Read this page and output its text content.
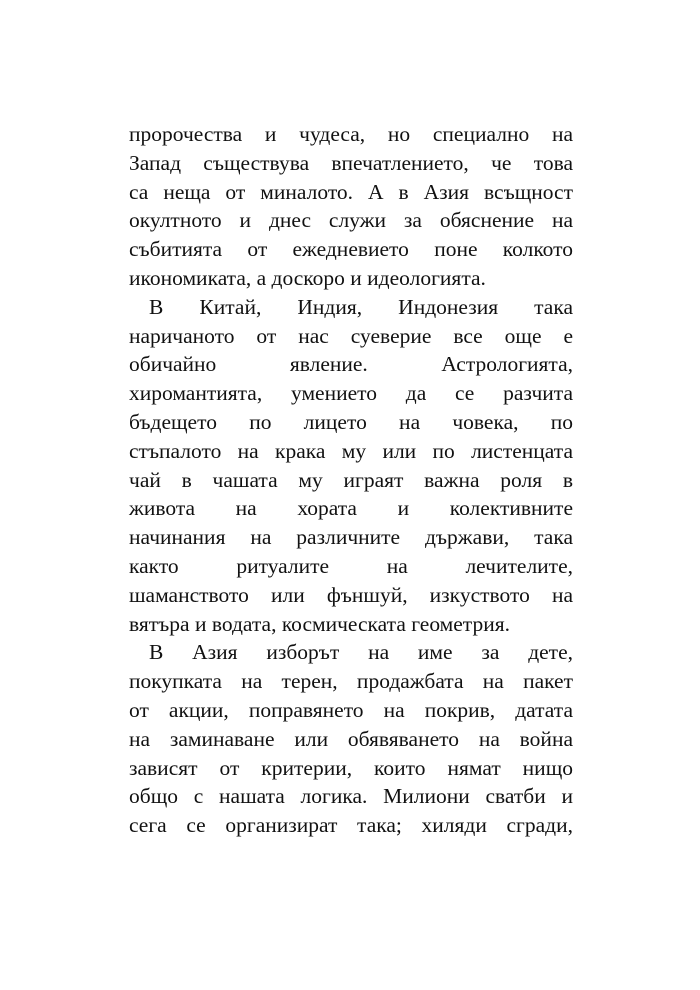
пророчества и чудеса, но специално на
Запад съществува впечатлението, че това
са неща от миналото. А в Азия всъщност
окултното и днес служи за обяснение на
събитията от ежедневието поне колкото
икономиката, а доскоро и идеологията.
В Китай, Индия, Индонезия така
наричаното от нас суеверие все още е
обичайно явление. Астрологията,
хиромантията, умението да се разчита
бъдещето по лицето на човека, по
стъпалото на крака му или по листенцата
чай в чашата му играят важна роля в
живота на хората и колективните
начинания на различните държави, така
както ритуалите на лечителите,
шаманството или фъншуй, изкуството на
вятъра и водата, космическата геометрия.
В Азия изборът на име за дете,
покупката на терен, продажбата на пакет
от акции, поправянето на покрив, датата
на заминаване или обявяването на война
зависят от критерии, които нямат нищо
общо с нашата логика. Милиони сватби и
сега се организират така; хиляди сгради,
